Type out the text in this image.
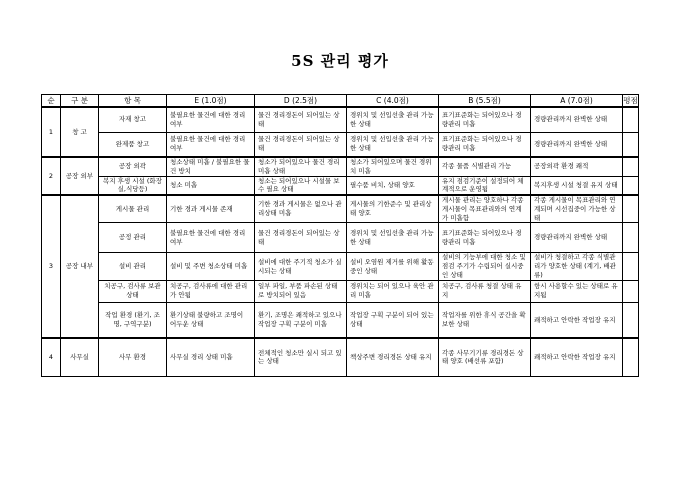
5S 관리 평가
순	구 분	항 목	E (1.0점)	D (2.5점)	C (4.0점)	B (5.5점)	A (7.0점)	평점
1	창 고	자재 창고	불필요한 물건에 대한 경리 여부	물건 경리경돈이 되어있는 상태	경위치 및 선입선출 관리 가능한 상태	표기표준화는 되어있으나 경량관리 미흡	경량관리까지 완벽한 상태	
		완제품 창고	불필요한 물건에 대한 경리 여부	물건 경리경돈이 되어있는 상태	경위치 및 선입선출 관리 가능한 상태	표기표준화는 되어있으나 경량관리 미흡	경량관리까지 완벽한 상태	
2	공장 외부	공장 외곽	청소상태 미흡 / 불필요한 물건 방치	청소가 되어있으나 물건 경리 미흡 상태	청소가 되어있으며 물건 경위치 미흡	각종 물품 식별관리 가능	공장외곽 환경 쾌적	
		복지 후생 시설 (화장실,식당등)	청소 미흡	청소는 되어있으나 시설물 보수 필요 상태	필수품 비치, 상태 양호	유지 점검기준이 설정되어 체계적으로 운영됨	복지후생 시설 청결 유지 상태	
3	공장 내부	게시물 관리	기한 경과 게시물 존재	기한 경과 게시물은 없으나 관리상태 미흡	게시물의 기한준수 및 관리상태 양호	게시물 관리는 양호하나 각종 게시물이 목표관리와의 연계가 미흡함	각종 게시물이 목표관리와 연계되며 시선집중이 가능한 상태	
		공정 관리	불필요한 물건에 대한 경리 여부	물건 경리경돈이 되어있는 상태	경위치 및 선입선출 관리 가능한 상태	표기표준화는 되어있으나 경량관리 미흡	경량관리까지 완벽한 상태	
		설비 관리	설비 및 주변 청소상태 미흡	설비에 대한 주기적 청소가 실시되는 상태	설비 오염원 제거를 위해 활동중인 상태	설비의 기능부에 대한 청소 및 점검 주기가 수립되어 실시중인 상태	설비가 청결하고 각종 식별관리가 양호한 상태 (계기, 배관류)	
		치공구, 검사류 보관 상태	치공구, 검사류에 대한 관리가 안됨	일부 파일, 부품 파손된 상태로 방치되어 있음	경위치는 되어 있으나 육안 관리 미흡	치공구, 검사류 청결 상태 유지	항시 사용할수 있는 상태로 유지됨	
		작업 환경 (환기, 조명, 구역구분)	환기상태 불량하고 조명이 어두운 상태	환기, 조명은 쾌적하고 있으나 작업장 구획 구분이 미흡	작업장 구획 구분이 되어 있는 상태	작업자를 위한 휴식 공간을 확보한 상태	쾌적하고 안락한 작업장 유지	
4	사무실	사무 환경	사무실 경리 상태 미흡	전체적인 청소만 실시 되고 있는 상태	책상주변 경리경돈 상태 유지	각종 사무기기류 경리경돈 상태 양호 (배선류 포함)	쾌적하고 안락한 작업장 유지	
